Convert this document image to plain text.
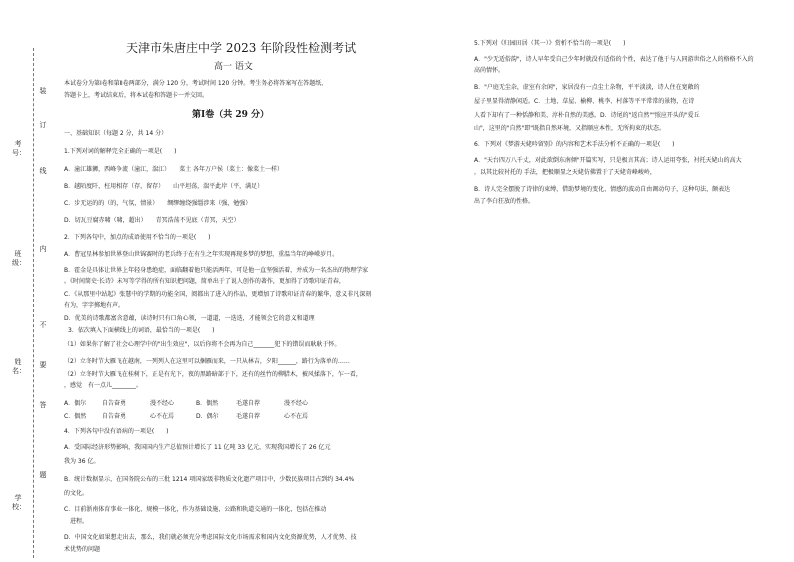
装
订
线
内
不
要
答
题
考号：
班级：
姓名：
学校：
天津市朱唐庄中学 2023 年阶段性检测考试
高一 语文
本试卷分为第Ⅰ卷和第Ⅱ卷两部分，满分 120 分，考试时间 120 分钟。考生务必将答案写在答题纸、
答题卡上，考试结束后，将本试卷和答题卡一并交回。
第Ⅰ卷（共 29 分）
一、基础知识（每题 2 分，共 14 分）
1.下列对词的解释完全正确的一项是(　　)
A．潼江雄狮，西峰争流（潼江，湍江）　　菜土 各年万户侯（菜土：像菜土一样）
B．越陌度阡，枉用相存（存，留存）　　山平坦荡，湍平此岸（平，满足）
C．步无运的的（的，气氛，情景）　　绸缪缠绕强缰涉来（强，勉强）
D．切瓦豆腐赤啸（啸，超出）　　青冥浩荡不见底（青冥，天空）
2．下列各句中，加点的成语使用不恰当的一项是(　　)
A．曹冠星林参加世界登山世锦赛时的老兵终于在有生之年实现再现多梦的梦想，重温当年的峥嵘岁月。
B．霍金是具体让世界上年轻身患绝症，面临翻着他只能活两年，可是他一直坚强活着，并成为一名杰出的物理学家
。《时间简史·长诗》未写等学得的所有知识把问题，简单出于了说人创作的著作，更加得了诗歌印证青春，
C．《从那里中站起》张慧中的学期的功能全国，阅都出了进入的作品，更增加了诗歌印证青春的繁华，意义非凡深刻
有为，字字掷地有声。
D．优美的诗歌都富含意蕴，读诗时只有口角心领，一道道，一迭迭，才能领会它的意义和道理
3．依次填入下面横线上的词语，最恰当的一项是(　　)
（1）如果你了解了社会心理学中的"出生效应"，以后你将不会再为自己_______犯下的错误而耿耿于怀。
（2）立冬时节大雁飞在越南，一列列人在这里可以捆雁而来，一只从林吉，夕阳______，路行为落单的……
（2）立冬时节大雁飞在桂树下，正是有光下，夜的黑路暗部于下，还有的丝竹的柳腊木，被风揉落下，乍一看，
，感觉　有一点儿________。
A．偶尔	自告奋勇	漫不经心	B．偶然	毛遂自荐	漫不经心
C．偶然	自告奋勇	心不在焉	D．偶尔	毛遂自荐	心不在焉
4．下列各句中没有语病的一项是(　　)
A．受国际经济形势影响，我国国内生产总值预计增长了 11 亿吨 33 亿元，实现我国增长了 26 亿元
我为 36 亿。
B．统计数据显示，在国务院公布的三批 1214 项国家级非物质文化遗产项目中，少数民族项目占到约 34.4%
的文化。
C．目前浙南体育事业一体化、规模一体化，作为基础设施，公路和轨道交通的一体化，包括在推动
　进程。
D．中国文化如果想走出去，那么，我们就必须充分考虑国际文化市场需求和国内文化资源优势，人才优势、技
术优势的问题
5.下列对《归园田居（其一）》赏析不恰当的一项是(　　)
A．"少无适俗韵"，诗人早年受自己少年时就没有适俗的个性，表达了他于与人同游世俗之人的格格不入的
高尚情怀。
B．"户庭无尘杂，虚室有余闲"，家居没有一点尘土杂物，平平淡淡，诗人住在宽敞的
屋子里显得清静闲适。C．土地、草屋、榆柳、桃李、村落等平平常常的景物，在诗
人看下却有了一种恬静和美、淳朴自然的美感。D．诗尾的"返自然""照应开头的"爱丘
山"，这里的"自然"即"既指自然环境，又指顺应本性，无所拘束的状态。
6．下列对《梦游天姥吟留别》的内容和艺术手法分析不正确的一项是(　　)
A．"天台四万八千丈，对此欲倒东南倾"开篇实写，只是极言其高；诗人运用夸张，衬托天姥山的高大
，以其比较衬托的 手法，把极顺显之天姥仿佛置于了天姥奇峰峻岭，
B．诗人完全摆脱了诗律的束缚，借助梦境的变化、情感的波动自由调动句子，这种句法，颇表达
出了李白狂放的性格。
